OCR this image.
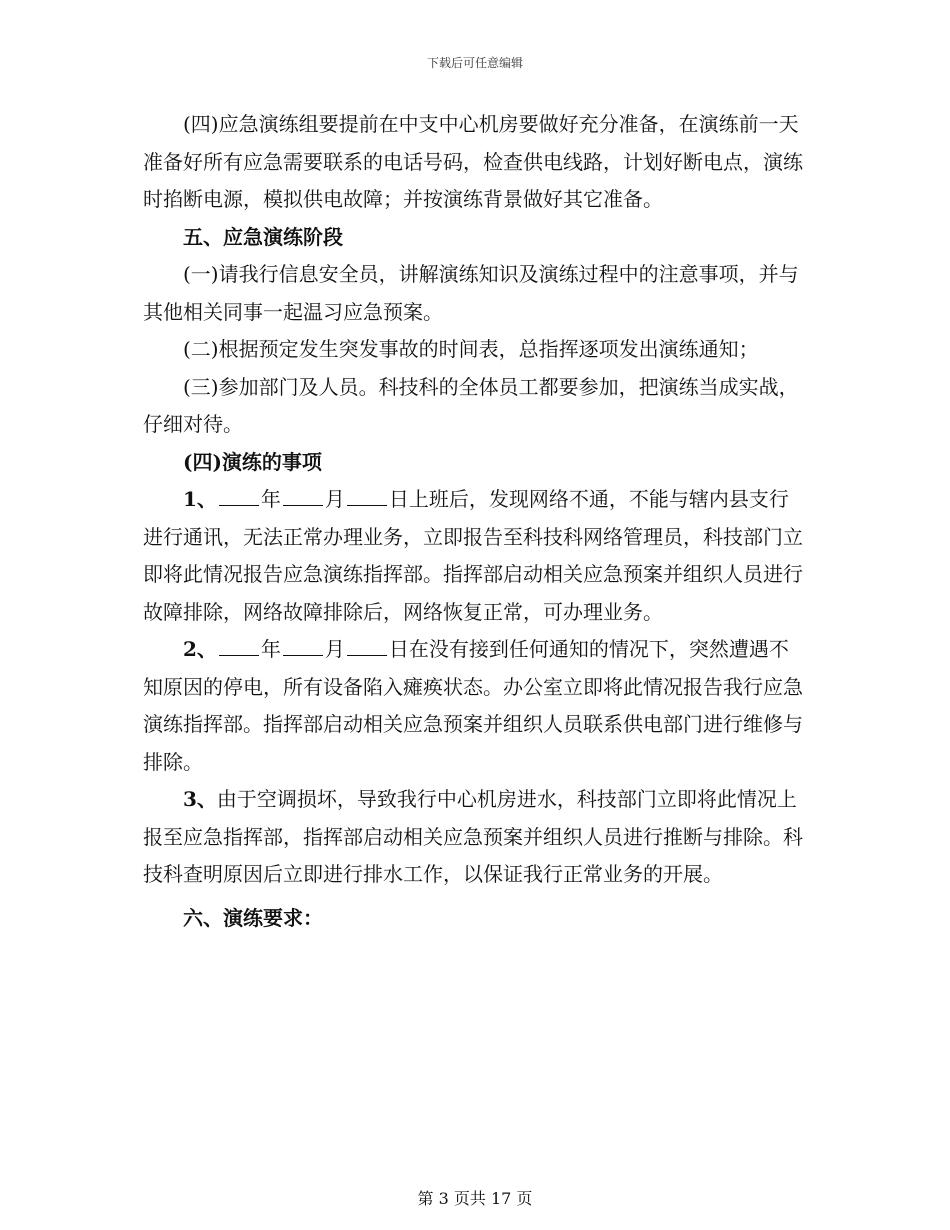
下载后可任意编辑

(四)应急演练组要提前在中支中心机房要做好充分准备，在演练前一天准备好所有应急需要联系的电话号码，检查供电线路，计划好断电点，演练时掐断电源，模拟供电故障；并按演练背景做好其它准备。

五、应急演练阶段

(一)请我行信息安全员，讲解演练知识及演练过程中的注意事项，并与其他相关同事一起温习应急预案。

(二)根据预定发生突发事故的时间表，总指挥逐项发出演练通知；

(三)参加部门及人员。科技科的全体员工都要参加，把演练当成实战，仔细对待。

(四)演练的事项

1、 年 月 日上班后，发现网络不通，不能与辖内县支行进行通讯，无法正常办理业务，立即报告至科技科网络管理员，科技部门立即将此情况报告应急演练指挥部。指挥部启动相关应急预案并组织人员进行故障排除，网络故障排除后，网络恢复正常，可办理业务。

2、 年 月 日在没有接到任何通知的情况下，突然遭遇不知原因的停电，所有设备陷入瘫痪状态。办公室立即将此情况报告我行应急演练指挥部。指挥部启动相关应急预案并组织人员联系供电部门进行维修与排除。

3、由于空调损坏，导致我行中心机房进水，科技部门立即将此情况上报至应急指挥部，指挥部启动相关应急预案并组织人员进行推断与排除。科技科查明原因后立即进行排水工作，以保证我行正常业务的开展。

六、演练要求：

第 3 页共 17 页
